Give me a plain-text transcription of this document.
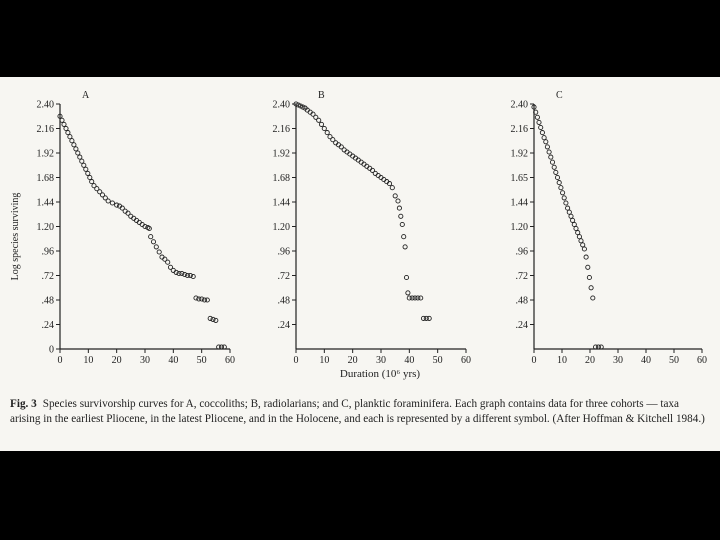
A
0
.24
.48
.72
.96
1.20
1.44
1.68
1.92
2.16
2.40
0 10 20 30 40 50 60
Log species surviving
B
.24
.48
.72
.96
1.20
1.44
1.68
1.92
2.16
2.40
0 10 20 30 40 50 60
C
.24
.48
.72
.96
1.20
1.44
1.65
1.92
2.16
2.40
0 10 20 30 40 50 60
Duration (10⁶ yrs)
Fig. 3 Species survivorship curves for A, coccoliths; B, radiolarians; and C, planktic foraminifera. Each graph contains data for three cohorts — taxa arising in the earliest Pliocene, in the latest Pliocene, and in the Holocene, and each is represented by a different symbol. (After Hoffman & Kitchell 1984.)
